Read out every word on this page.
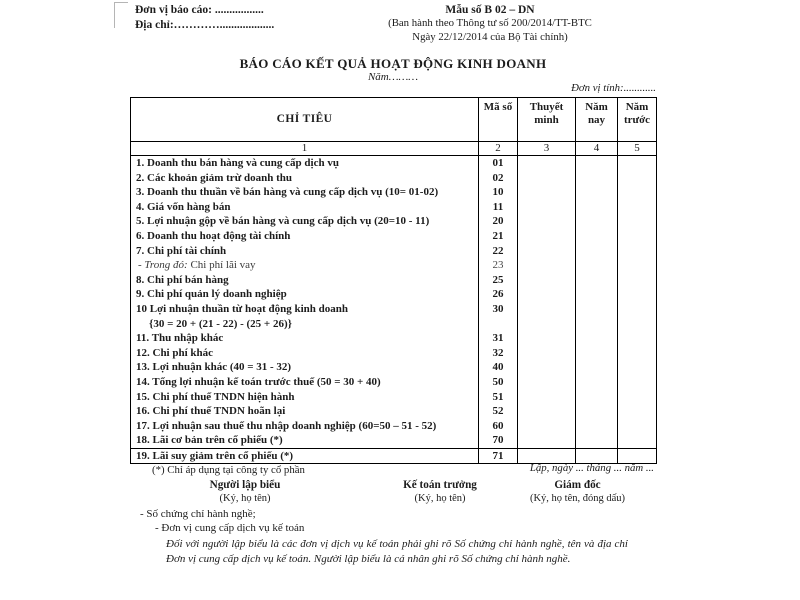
Đơn vị báo cáo: .................
Địa chỉ:…………...................
Mẫu số B 02 – DN
(Ban hành theo Thông tư số 200/2014/TT-BTC
Ngày 22/12/2014 của Bộ Tài chính)
BÁO CÁO KẾT QUẢ HOẠT ĐỘNG KINH DOANH
Năm………
Đơn vị tính:............
CHỈ TIÊU	Mã số	Thuyết minh	Năm nay	Năm trước
1	2	3	4	5
1. Doanh thu bán hàng và cung cấp dịch vụ	01			
2. Các khoản giảm trừ doanh thu	02			
3. Doanh thu thuần về bán hàng và cung cấp dịch vụ (10= 01-02)	10			
4. Giá vốn hàng bán	11			
5. Lợi nhuận gộp về bán hàng và cung cấp dịch vụ (20=10 - 11)	20			
6. Doanh thu hoạt động tài chính	21			
7. Chi phí tài chính	22			
- Trong đó: Chi phí lãi vay	23			
8. Chi phí bán hàng	25			
9. Chi phí quản lý doanh nghiệp	26			
10 Lợi nhuận thuần từ hoạt động kinh doanh
{30 = 20 + (21 - 22) - (25 + 26)}	30			
11. Thu nhập khác	31			
12. Chi phí khác	32			
13. Lợi nhuận khác (40 = 31 - 32)	40			
14. Tổng lợi nhuận kế toán trước thuế (50 = 30 + 40)	50			
15. Chi phí thuế TNDN hiện hành	51			
16. Chi phí thuế TNDN hoãn lại	52			
17. Lợi nhuận sau thuế thu nhập doanh nghiệp (60=50 – 51 - 52)	60			
18. Lãi cơ bản trên cổ phiếu (*)	70			
19. Lãi suy giảm trên cổ phiếu (*)	71			
(*) Chỉ áp dụng tại công ty cổ phần	Lập, ngày ... tháng ... năm ...
Người lập biểu
(Ký, họ tên)
Kế toán trưởng
(Ký, họ tên)
Giám đốc
(Ký, họ tên, đóng dấu)
- Số chứng chỉ hành nghề;
- Đơn vị cung cấp dịch vụ kế toán
Đối với người lập biểu là các đơn vị dịch vụ kế toán phải ghi rõ Số chứng chỉ hành nghề, tên và địa chỉ Đơn vị cung cấp dịch vụ kế toán. Người lập biểu là cá nhân ghi rõ Số chứng chỉ hành nghề.
